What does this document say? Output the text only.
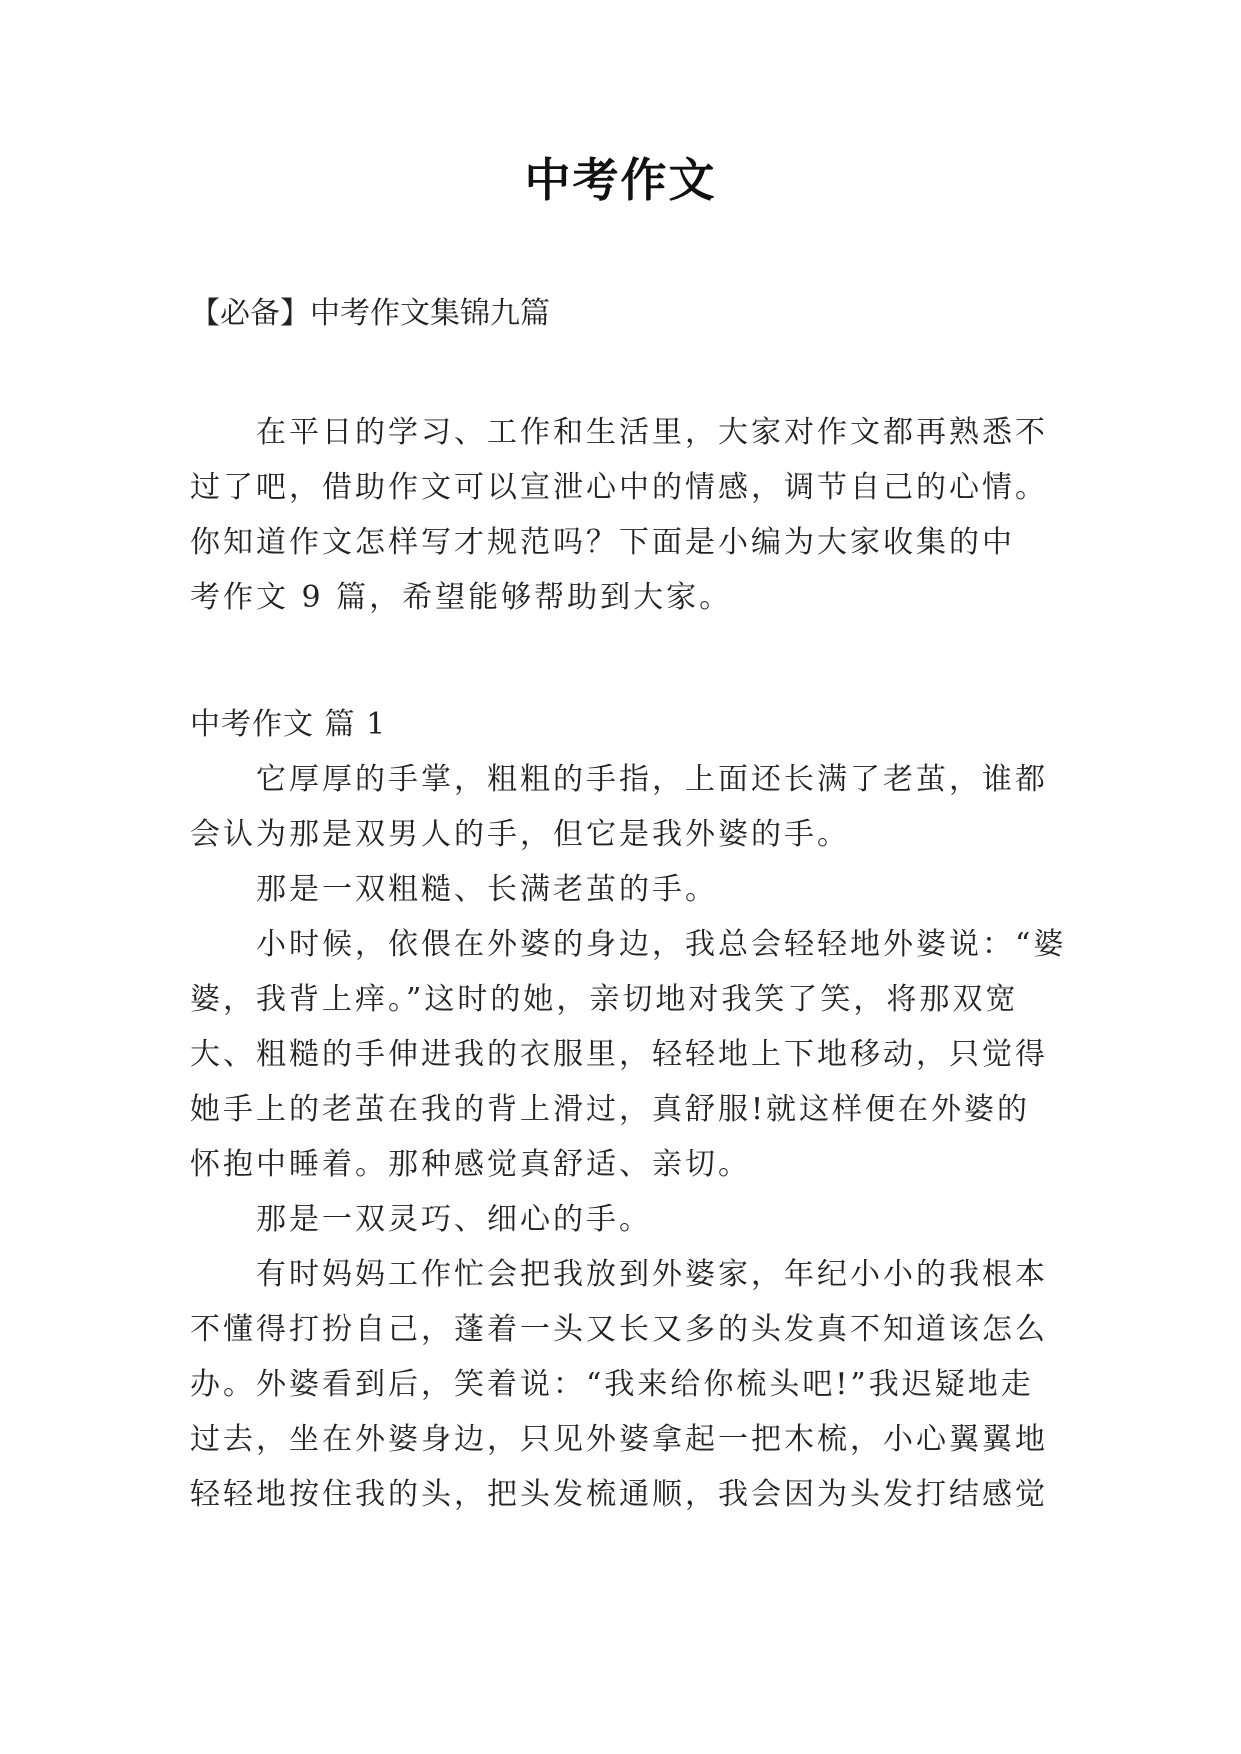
中考作文

【必备】中考作文集锦九篇

　　在平日的学习、工作和生活里，大家对作文都再熟悉不
过了吧，借助作文可以宣泄心中的情感，调节自己的心情。
你知道作文怎样写才规范吗？下面是小编为大家收集的中
考作文 9 篇，希望能够帮助到大家。
中考作文 篇 1
　　它厚厚的手掌，粗粗的手指，上面还长满了老茧，谁都
会认为那是双男人的手，但它是我外婆的手。
　　那是一双粗糙、长满老茧的手。
　　小时候，依偎在外婆的身边，我总会轻轻地外婆说：“婆
婆，我背上痒。”这时的她，亲切地对我笑了笑，将那双宽
大、粗糙的手伸进我的衣服里，轻轻地上下地移动，只觉得
她手上的老茧在我的背上滑过，真舒服!就这样便在外婆的
怀抱中睡着。那种感觉真舒适、亲切。
　　那是一双灵巧、细心的手。
　　有时妈妈工作忙会把我放到外婆家，年纪小小的我根本
不懂得打扮自己，蓬着一头又长又多的头发真不知道该怎么
办。外婆看到后，笑着说：“我来给你梳头吧!”我迟疑地走
过去，坐在外婆身边，只见外婆拿起一把木梳，小心翼翼地
轻轻地按住我的头，把头发梳通顺，我会因为头发打结感觉
